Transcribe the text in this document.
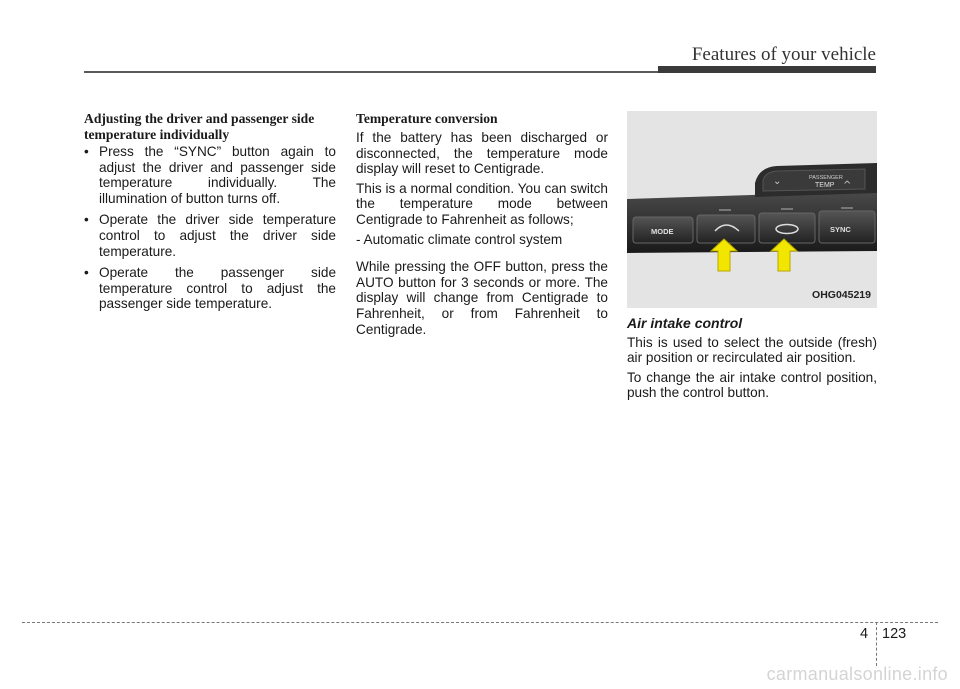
Features of your vehicle
Adjusting the driver and passenger side
temperature individually
• Press the “SYNC” button again to adjust the driver and passenger side temperature individually. The illumination of button turns off.
• Operate the driver side temperature control to adjust the driver side temperature.
• Operate the passenger side temperature control to adjust the passenger side temperature.
Temperature conversion

If the battery has been discharged or disconnected, the temperature mode display will reset to Centigrade.

This is a normal condition. You can switch the temperature mode between Centigrade to Fahrenheit as follows;

- Automatic climate control system

While pressing the OFF button, press the AUTO button for 3 seconds or more. The display will change from Centigrade to Fahrenheit, or from Fahrenheit to Centigrade.

PASSENGER
TEMP
⌄	^
MODE	SYNC
OHG045219
Air intake control

This is used to select the outside (fresh) air position or recirculated air position.

To change the air intake control position, push the control button.

4 123
carmanualsonline.info
